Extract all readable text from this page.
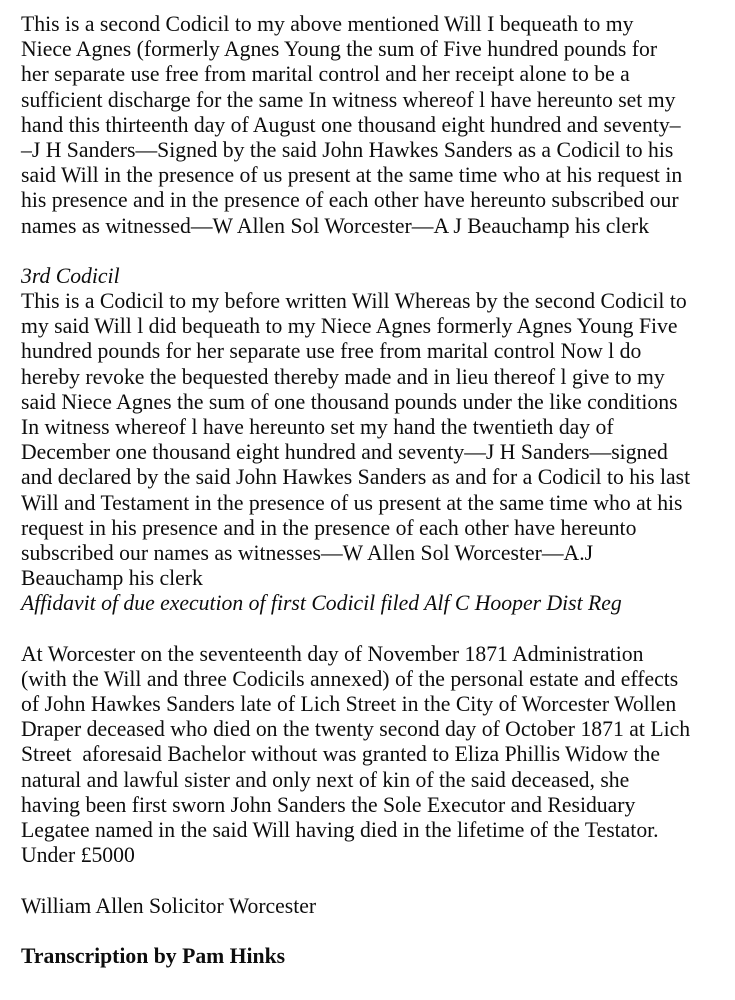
This is a second Codicil to my above mentioned Will I bequeath to my
Niece Agnes (formerly Agnes Young the sum of Five hundred pounds for
her separate use free from marital control and her receipt alone to be a
sufficient discharge for the same In witness whereof l have hereunto set my
hand this thirteenth day of August one thousand eight hundred and seventy–
–J H Sanders—Signed by the said John Hawkes Sanders as a Codicil to his
said Will in the presence of us present at the same time who at his request in
his presence and in the presence of each other have hereunto subscribed our
names as witnessed—W Allen Sol Worcester—A J Beauchamp his clerk
3rd Codicil
This is a Codicil to my before written Will Whereas by the second Codicil to
my said Will l did bequeath to my Niece Agnes formerly Agnes Young Five
hundred pounds for her separate use free from marital control Now l do
hereby revoke the bequested thereby made and in lieu thereof l give to my
said Niece Agnes the sum of one thousand pounds under the like conditions
In witness whereof l have hereunto set my hand the twentieth day of
December one thousand eight hundred and seventy—J H Sanders—signed
and declared by the said John Hawkes Sanders as and for a Codicil to his last
Will and Testament in the presence of us present at the same time who at his
request in his presence and in the presence of each other have hereunto
subscribed our names as witnesses—W Allen Sol Worcester—A.J
Beauchamp his clerk
Affidavit of due execution of first Codicil filed Alf C Hooper Dist Reg
At Worcester on the seventeenth day of November 1871 Administration
(with the Will and three Codicils annexed) of the personal estate and effects
of John Hawkes Sanders late of Lich Street in the City of Worcester Wollen
Draper deceased who died on the twenty second day of October 1871 at Lich
Street  aforesaid Bachelor without was granted to Eliza Phillis Widow the
natural and lawful sister and only next of kin of the said deceased, she
having been first sworn John Sanders the Sole Executor and Residuary
Legatee named in the said Will having died in the lifetime of the Testator.
Under £5000
William Allen Solicitor Worcester
Transcription by Pam Hinks
